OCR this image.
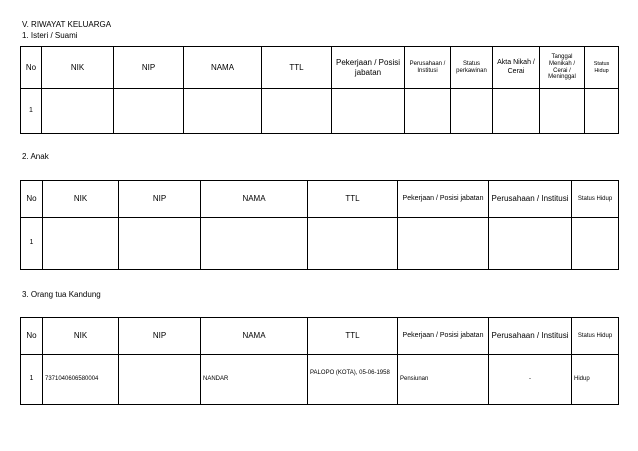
V. RIWAYAT KELUARGA
1. Isteri / Suami
No	NIK	NIP	NAMA	TTL	Pekerjaan / Posisi jabatan	Perusahaan / Institusi	Status perkawinan	Akta Nikah / Cerai	Tanggal Menikah / Cerai / Meninggal	Status Hidup
1										
2. Anak
No	NIK	NIP	NAMA	TTL	Pekerjaan / Posisi jabatan	Perusahaan / Institusi	Status Hidup
1							
3. Orang tua Kandung
No	NIK	NIP	NAMA	TTL	Pekerjaan / Posisi jabatan	Perusahaan / Institusi	Status Hidup
1	7371040606580004		NANDAR	PALOPO (KOTA), 05-06-1958	Pensiunan	-	Hidup
